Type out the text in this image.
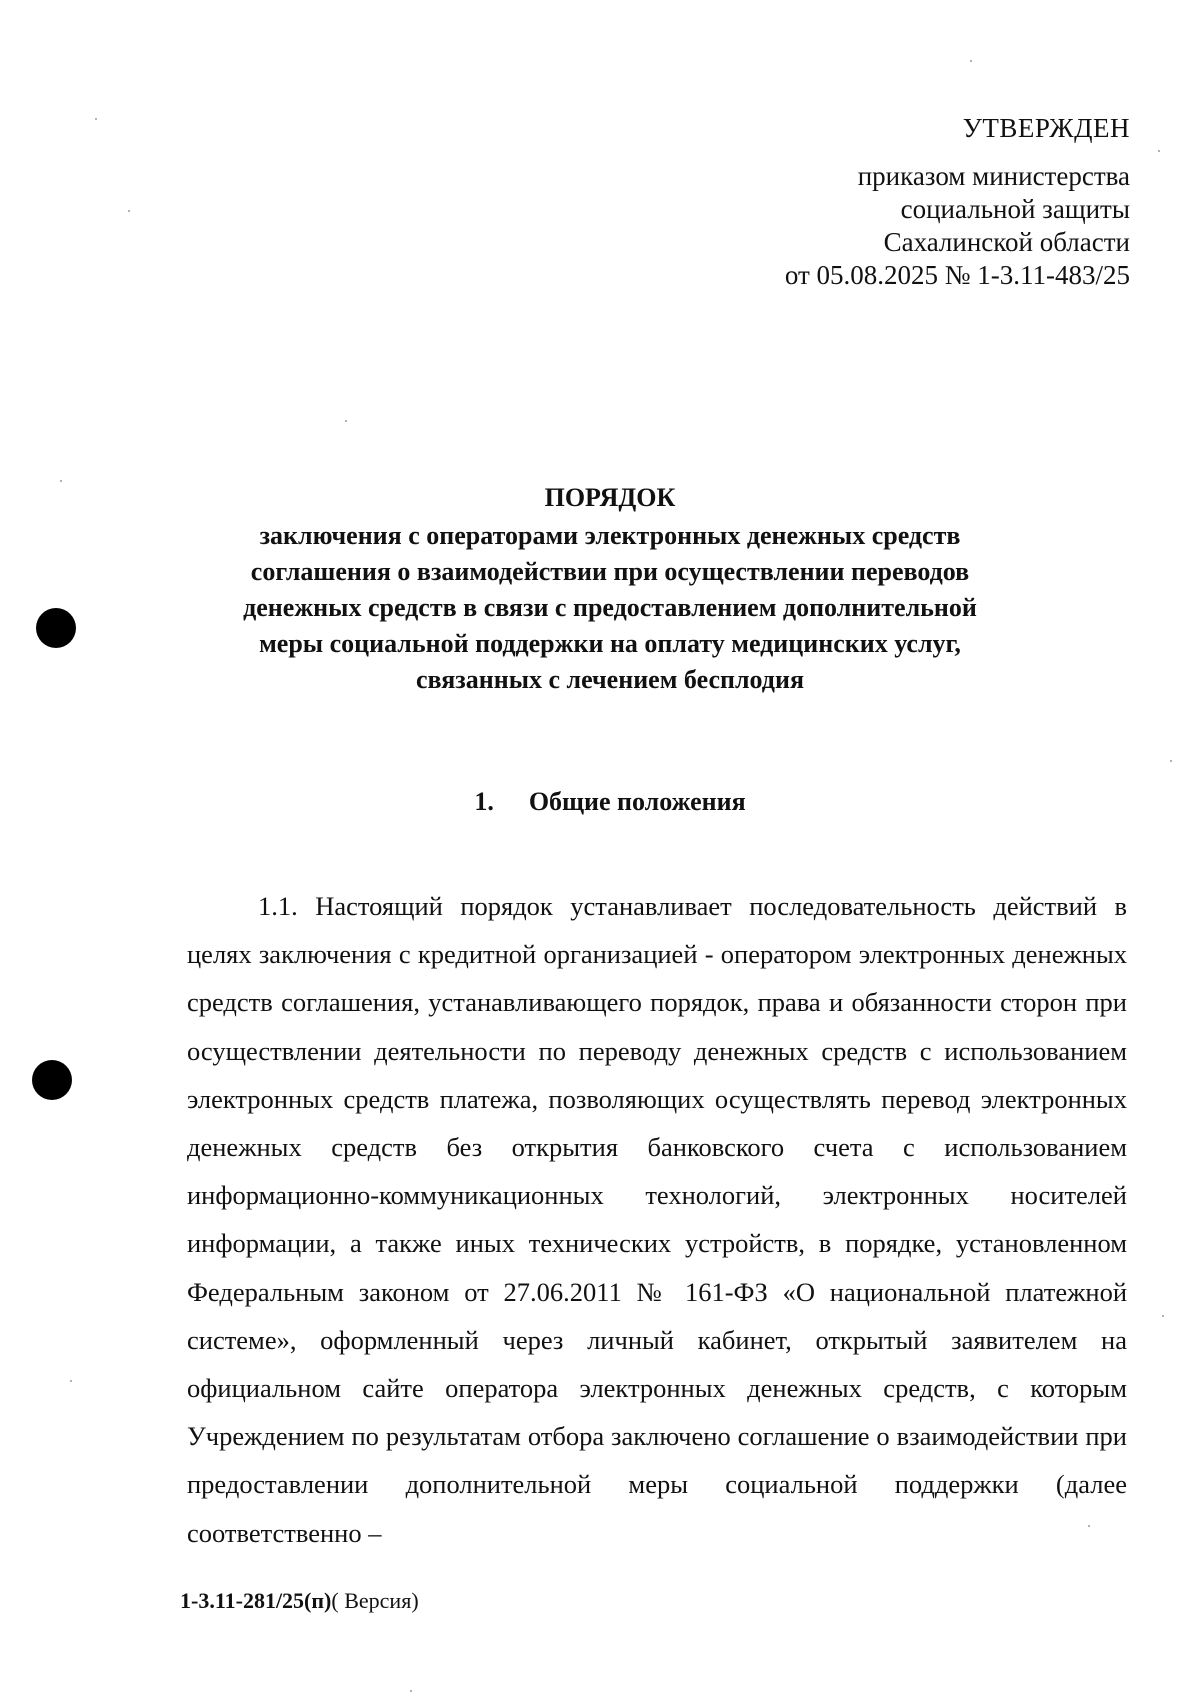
УТВЕРЖДЕН
приказом министерства
социальной защиты
Сахалинской области
от 05.08.2025 № 1-3.11-483/25
ПОРЯДОК
заключения с операторами электронных денежных средств
соглашения о взаимодействии при осуществлении переводов
денежных средств в связи с предоставлением дополнительной
меры социальной поддержки на оплату медицинских услуг,
связанных с лечением бесплодия
1. Общие положения
1.1. Настоящий порядок устанавливает последовательность действий в целях заключения с кредитной организацией - оператором электронных денежных средств соглашения, устанавливающего порядок, права и обязанности сторон при осуществлении деятельности по переводу денежных средств с использованием электронных средств платежа, позволяющих осуществлять перевод электронных денежных средств без открытия банковского счета с использованием информационно-коммуникационных технологий, электронных носителей информации, а также иных технических устройств, в порядке, установленном Федеральным законом от 27.06.2011 № 161-ФЗ «О национальной платежной системе», оформленный через личный кабинет, открытый заявителем на официальном сайте оператора электронных денежных средств, с которым Учреждением по результатам отбора заключено соглашение о взаимодействии при предоставлении дополнительной меры социальной поддержки (далее соответственно –
1-3.11-281/25(п)( Версия)
